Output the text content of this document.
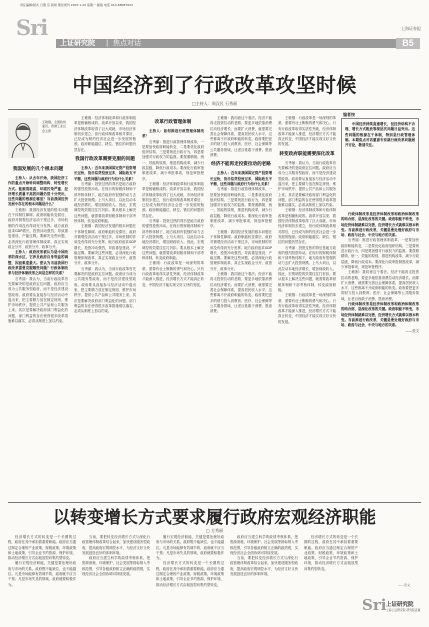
责任编辑/版式 日期 京 新闻 理论周刊 2007.1.22 星期一 邮箱 电话 010-88087623
Sri	上海证券报
上证研究院 | 焦点对话	B5
中国经济到了行政改革攻坚时候
□主持人：周汉民 石秀丽
王敏刚，全国政协委员，香港工业总会主席
我国发展的几个根本问题

主持人：从去年开始，我国经济工作的重点开始转向调整结构、转变增长方式。能源消耗高、环境污染严重、经济增长质量不高的问题仍然十分突出，这些问题的根源在哪里？当前我国经济发展中存在的根本问题是什么？

王敏刚：我国经济发展的根本问题在于体制性障碍。政府职能转变滞后，政府对微观经济活动干预过多，市场机制的作用没有得到充分发挥。地方政府追求GDP增长，投资冲动强烈，导致重复建设、产能过剩。要解决这些问题，必须深化行政管理体制改革，真正实现政企分开、政资分开、政事分开。

主持人：政府改革被认为是中国改革的深水区，它涉及政府自身利益的调整，因而难度最大。您认为当前我国行政改革需要克服哪些问题？行政体制改革与经济体制改革之间是怎样的关系？

石秀丽：我认为，当前行政改革首先要解决的是政府定位问题。政府应当成为公共服务型政府，而不是经济建设型政府。政府要从直接参与经济活动中退出来，把主要精力放在制定规则、维护市场秩序、提供公共产品和公共服务上来。其次是要解决政府部门利益化的问题，部门利益的存在使得很多改革措施难以落实，必须从制度上加以约束。

王敏刚：经济体制改革和行政体制改革是相辅相成的。改革开放以来，我国经济体制改革取得了巨大成就，市场经济体制初步建立，但行政体制改革相对滞后，已经成为制约经济社会进一步发展的瓶颈。政府职能越位、缺位、错位的问题仍然存在。

我国行政改革需要克服的问题

主持人：近年来我国固定资产投资增长过快，货币信贷投放过多，国际收支不平衡，这些问题与政府行为有什么关系？

石秀丽：投资过热的背后是地方政府的强烈投资冲动。在现行的财税体制和干部考核体制下，地方政府有很强的动力去扩大投资规模、上马大项目，以此拉动本地经济增长，增加财政收入。因此，宏观调控的效果往往打折扣。要从根本上解决这些问题，就需要改革财税体制和干部考核体制，转变政府职能。

王敏刚：我国经济发展的根本问题在于体制性障碍。政府职能转变滞后，政府对微观经济活动干预过多，市场机制的作用没有得到充分发挥。地方政府追求GDP增长，投资冲动强烈，导致重复建设、产能过剩。要解决这些问题，必须深化行政管理体制改革，真正实现政企分开、政资分开、政事分开。

石秀丽：我认为，当前行政改革首先要解决的是政府定位问题。政府应当成为公共服务型政府，而不是经济建设型政府。政府要从直接参与经济活动中退出来，把主要精力放在制定规则、维护市场秩序、提供公共产品和公共服务上来。其次是要解决政府部门利益化的问题，部门利益的存在使得很多改革措施难以落实，必须从制度上加以约束。

改革行政管理体制

主持人：如何推进行政管理体制改革？

石秀丽：推进行政管理体制改革，一是要加快政府职能转变，二是要优化政府组织结构，三是要规范行政行为，四是要加强对行政权力的监督。要按照精简、统一、效能的原则，推进机构改革，减少行政层级，降低行政成本。要深化行政审批制度改革，减少审批事项，规范审批程序。

王敏刚：经济体制改革和行政体制改革是相辅相成的。改革开放以来，我国经济体制改革取得了巨大成就，市场经济体制初步建立，但行政体制改革相对滞后，已经成为制约经济社会进一步发展的瓶颈。政府职能越位、缺位、错位的问题仍然存在。

石秀丽：投资过热的背后是地方政府的强烈投资冲动。在现行的财税体制和干部考核体制下，地方政府有很强的动力去扩大投资规模、上马大项目，以此拉动本地经济增长，增加财政收入。因此，宏观调控的效果往往打折扣。要从根本上解决这些问题，就需要改革财税体制和干部考核体制，转变政府职能。

王敏刚：行政改革是一场深刻的革命，需要有壮士断腕的勇气和决心。只有行政改革取得实质性突破，经济体制改革才能深入推进，经济增长方式才能真正转变，中国经济才能实现又好又快的发展。

王敏刚：我同意这个看法。经济不能再走投资拉动的老路，要更多地依靠消费拉动经济增长。而要扩大消费，就需要完善社会保障体系，提高居民收入水平，这些都离不开政府职能的转变。政府要把更多的财力投入到教育、医疗、社会保障等公共服务领域，让老百姓敢于消费、愿意消费。

经济不能再走投资拉动的老路

主持人：近年来我国固定资产投资增长过快，货币信贷投放过多，国际收支不平衡，这些问题与政府行为有什么关系？

石秀丽：推进行政管理体制改革，一是要加快政府职能转变，二是要优化政府组织结构，三是要规范行政行为，四是要加强对行政权力的监督。要按照精简、统一、效能的原则，推进机构改革，减少行政层级，降低行政成本。要深化行政审批制度改革，减少审批事项，规范审批程序。

王敏刚：我国经济发展的根本问题在于体制性障碍。政府职能转变滞后，政府对微观经济活动干预过多，市场机制的作用没有得到充分发挥。地方政府追求GDP增长，投资冲动强烈，导致重复建设、产能过剩。要解决这些问题，必须深化行政管理体制改革，真正实现政企分开、政资分开、政事分开。

王敏刚：我同意这个看法。经济不能再走投资拉动的老路，要更多地依靠消费拉动经济增长。而要扩大消费，就需要完善社会保障体系，提高居民收入水平，这些都离不开政府职能的转变。政府要把更多的财力投入到教育、医疗、社会保障等公共服务领域，让老百姓敢于消费、愿意消费。

王敏刚：行政改革是一场深刻的革命，需要有壮士断腕的勇气和决心。只有行政改革取得实质性突破，经济体制改革才能深入推进，经济增长方式才能真正转变，中国经济才能实现又好又快的发展。

转变政府职能需要深化改革

石秀丽：我认为，当前行政改革首先要解决的是政府定位问题。政府应当成为公共服务型政府，而不是经济建设型政府。政府要从直接参与经济活动中退出来，把主要精力放在制定规则、维护市场秩序、提供公共产品和公共服务上来。其次是要解决政府部门利益化的问题，部门利益的存在使得很多改革措施难以落实，必须从制度上加以约束。

王敏刚：经济体制改革和行政体制改革是相辅相成的。改革开放以来，我国经济体制改革取得了巨大成就，市场经济体制初步建立，但行政体制改革相对滞后，已经成为制约经济社会进一步发展的瓶颈。政府职能越位、缺位、错位的问题仍然存在。

石秀丽：投资过热的背后是地方政府的强烈投资冲动。在现行的财税体制和干部考核体制下，地方政府有很强的动力去扩大投资规模、上马大项目，以此拉动本地经济增长，增加财政收入。因此，宏观调控的效果往往打折扣。要从根本上解决这些问题，就需要改革财税体制和干部考核体制，转变政府职能。

王敏刚：行政改革是一场深刻的革命，需要有壮士断腕的勇气和决心。只有行政改革取得实质性突破，经济体制改革才能深入推进，经济增长方式才能真正转变，中国经济才能实现又好又快的发展。

编者按

中国经济持续高速增长，但经济结构不合理、增长方式粗放等深层次问题日益突出。这些问题的根源在于体制，特别是行政管理体制。本期焦点对话邀请专家就行政改革问题展开讨论，敬请关注。

行政体制改革是经济体制改革和政治体制改革的结合部，是深化改革的关键。政府职能不转变，市场经济体制就难以完善，经济增长方式就难以根本转变。当前推进行政改革，关键是要处理好政府与市场、政府与社会、中央与地方的关系。

石秀丽：推进行政管理体制改革，一是要加快政府职能转变，二是要优化政府组织结构，三是要规范行政行为，四是要加强对行政权力的监督。要按照精简、统一、效能的原则，推进机构改革，减少行政层级，降低行政成本。要深化行政审批制度改革，减少审批事项，规范审批程序。

王敏刚：我同意这个看法。经济不能再走投资拉动的老路，要更多地依靠消费拉动经济增长。而要扩大消费，就需要完善社会保障体系，提高居民收入水平，这些都离不开政府职能的转变。政府要把更多的财力投入到教育、医疗、社会保障等公共服务领域，让老百姓敢于消费、愿意消费。

行政体制改革是经济体制改革和政治体制改革的结合部，是深化改革的关键。政府职能不转变，市场经济体制就难以完善，经济增长方式就难以根本转变。当前推进行政改革，关键是要处理好政府与市场、政府与社会、中央与地方的关系。

——张文

以转变增长方式要求履行政府宏观经济职能
□ 方秀丽

经济增长方式的转变是一个长期的过程，政府在其中承担着重要职能。政府应当通过制定合理的产业政策、财税政策、环境政策和土地政策，引导企业节约资源、保护环境，推动经济增长方式由粗放型向集约型转变。

履行宏观经济职能，关键是要处理好政府与市场的关系。政府既不能缺位，也不能越位。凡是市场能够有效调节的，政府就不应当干预；凡是市场失灵的领域，政府就要积极作为。

当前，要把转变经济增长方式与深化行政管理体制改革结合起来，加快建设服务型政府，提高政府宏观调控水平，为经济又好又快发展创造良好的体制环境。

政府应当建立科学的政绩考核体系，把资源消耗、环境保护、社会发展等指标纳入考核范围，引导各级政府树立正确的政绩观，实现经济社会全面协调可持续发展。

履行宏观经济职能，关键是要处理好政府与市场的关系。政府既不能缺位，也不能越位。凡是市场能够有效调节的，政府就不应当干预；凡是市场失灵的领域，政府就要积极作为。

经济增长方式的转变是一个长期的过程，政府在其中承担着重要职能。政府应当通过制定合理的产业政策、财税政策、环境政策和土地政策，引导企业节约资源、保护环境，推动经济增长方式由粗放型向集约型转变。

政府应当建立科学的政绩考核体系，把资源消耗、环境保护、社会发展等指标纳入考核范围，引导各级政府树立正确的政绩观，实现经济社会全面协调可持续发展。

当前，要把转变经济增长方式与深化行政管理体制改革结合起来，加快建设服务型政府，提高政府宏观调控水平，为经济又好又快发展创造良好的体制环境。

经济增长方式的转变是一个长期的过程，政府在其中承担着重要职能。政府应当通过制定合理的产业政策、财税政策、环境政策和土地政策，引导企业节约资源、保护环境，推动经济增长方式由粗放型向集约型转变。

——宋文
Sri 上证研究院
上海上证研究院 研究院直属
